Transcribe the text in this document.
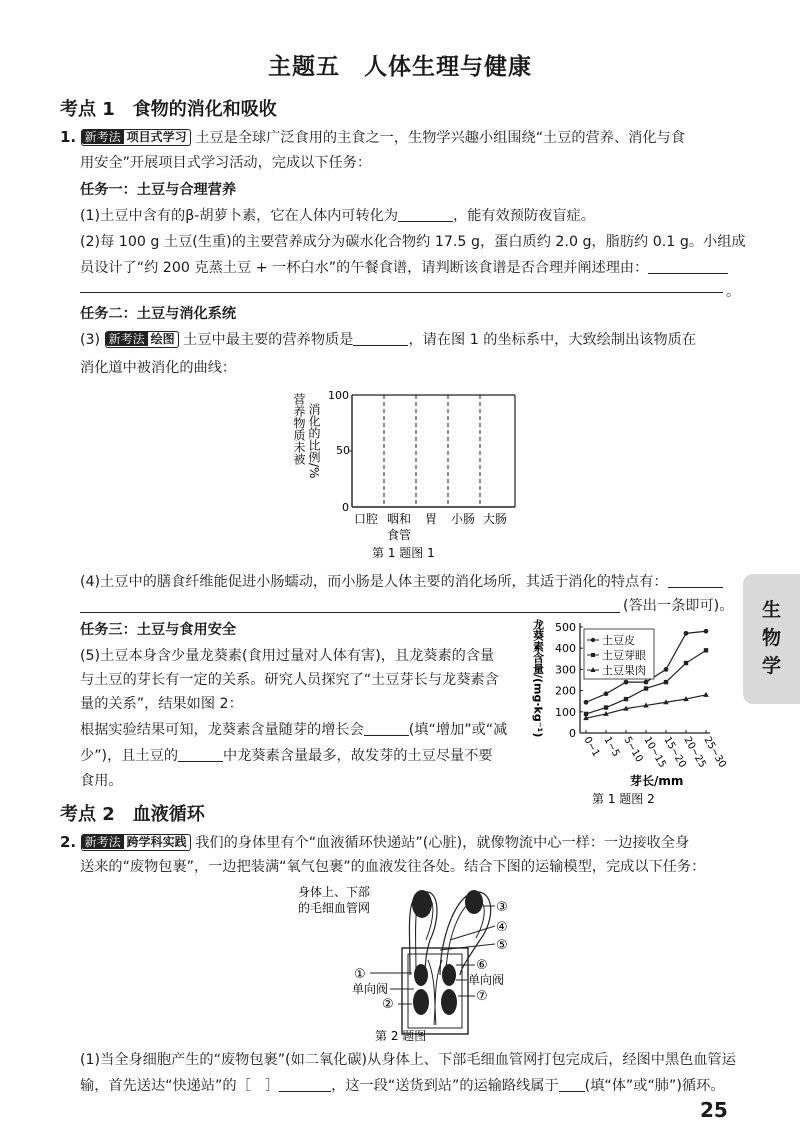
主题五　人体生理与健康
考点 1　食物的消化和吸收
1. 新考法 项目式学习 土豆是全球广泛食用的主食之一，生物学兴趣小组围绕“土豆的营养、消化与食
用安全”开展项目式学习活动，完成以下任务：
任务一：土豆与合理营养
(1)土豆中含有的β-胡萝卜素，它在人体内可转化为	，能有效预防夜盲症。
(2)每 100 g 土豆(生重)的主要营养成分为碳水化合物约 17.5 g，蛋白质约 2.0 g，脂肪约 0.1 g。小组成
员设计了“约 200 克蒸土豆 + 一杯白水”的午餐食谱，请判断该食谱是否合理并阐述理由：
。
任务二：土豆与消化系统
(3) 新考法 绘图 土豆中最主要的营养物质是	，请在图 1 的坐标系中，大致绘制出该物质在
消化道中被消化的曲线：
营养物质未被 消化的比例/%
100
50
0
口腔 咽和
食管
胃 小肠 大肠
第 1 题图 1
(4)土豆中的膳食纤维能促进小肠蠕动，而小肠是人体主要的消化场所，其适于消化的特点有：
(答出一条即可)。
任务三：土豆与食用安全
(5)土豆本身含少量龙葵素(食用过量对人体有害)，且龙葵素的含量
与土豆的芽长有一定的关系。研究人员探究了“土豆芽长与龙葵素含
量的关系”，结果如图 2：
根据实验结果可知，龙葵素含量随芽的增长会	(填“增加”或“减
少”)，且土豆的	中龙葵素含量最多，故发芽的土豆尽量不要
食用。
龙葵素含量/(mg·kg⁻¹) 0
100
200
300
400
500
0~1 1~5 5~10
10~15
15~20
20~25
25~30
芽长/mm
第 1 题图 2
土豆皮
土豆芽眼
土豆果肉
生
物
学
考点 2　血液循环
2. 新考法 跨学科实践 我们的身体里有个“血液循环快递站”(心脏)，就像物流中心一样：一边接收全身
送来的“废物包裹”，一边把装满“氧气包裹”的血液发往各处。结合下图的运输模型，完成以下任务：
身体上、下部
的毛细血管网	③
④
⑤
①
单向阀
②
⑥
单向阀
⑦
第 2 题图
(1)当全身细胞产生的“废物包裹”(如二氧化碳)从身体上、下部毛细血管网打包完成后，经图中黑色血管运
输，首先送达“快递站”的［　］	，这一段“送货到站”的运输路线属于 (填“体”或“肺”)循环。
25
